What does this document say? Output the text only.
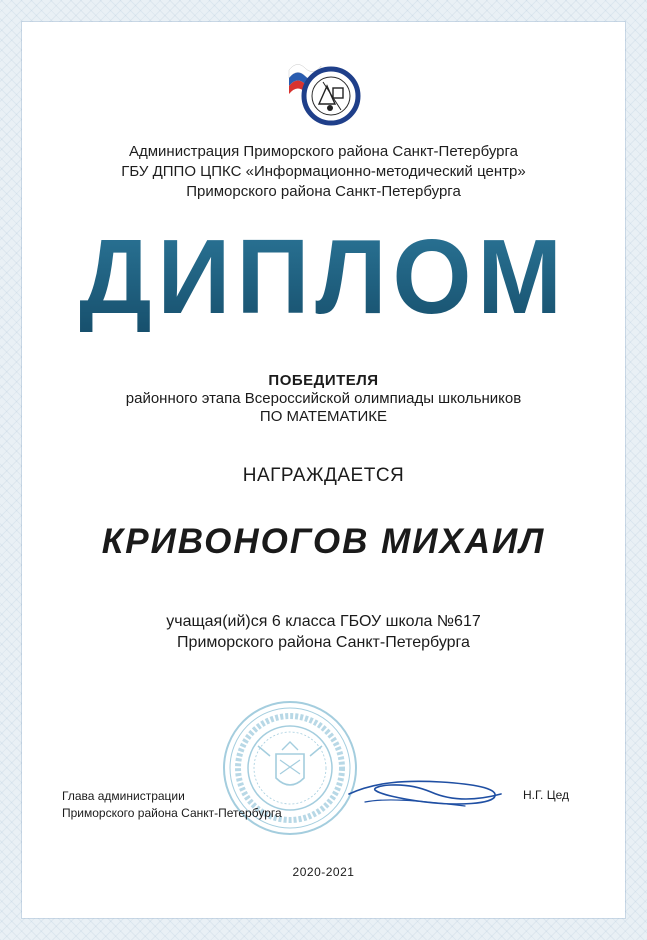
Администрация Приморского района Санкт-Петербурга
ГБУ ДППО ЦПКС «Информационно-методический центр»
Приморского района Санкт-Петербурга
ДИПЛОМ
ПОБЕДИТЕЛЯ
районного этапа Всероссийской олимпиады школьников
ПО МАТЕМАТИКЕ
НАГРАЖДАЕТСЯ
КРИВОНОГОВ МИХАИЛ
учащая(ий)ся 6 класса ГБОУ школа №617
Приморского района Санкт-Петербурга
Глава администрации
Приморского района Санкт-Петербурга
Н.Г. Цед
2020-2021
